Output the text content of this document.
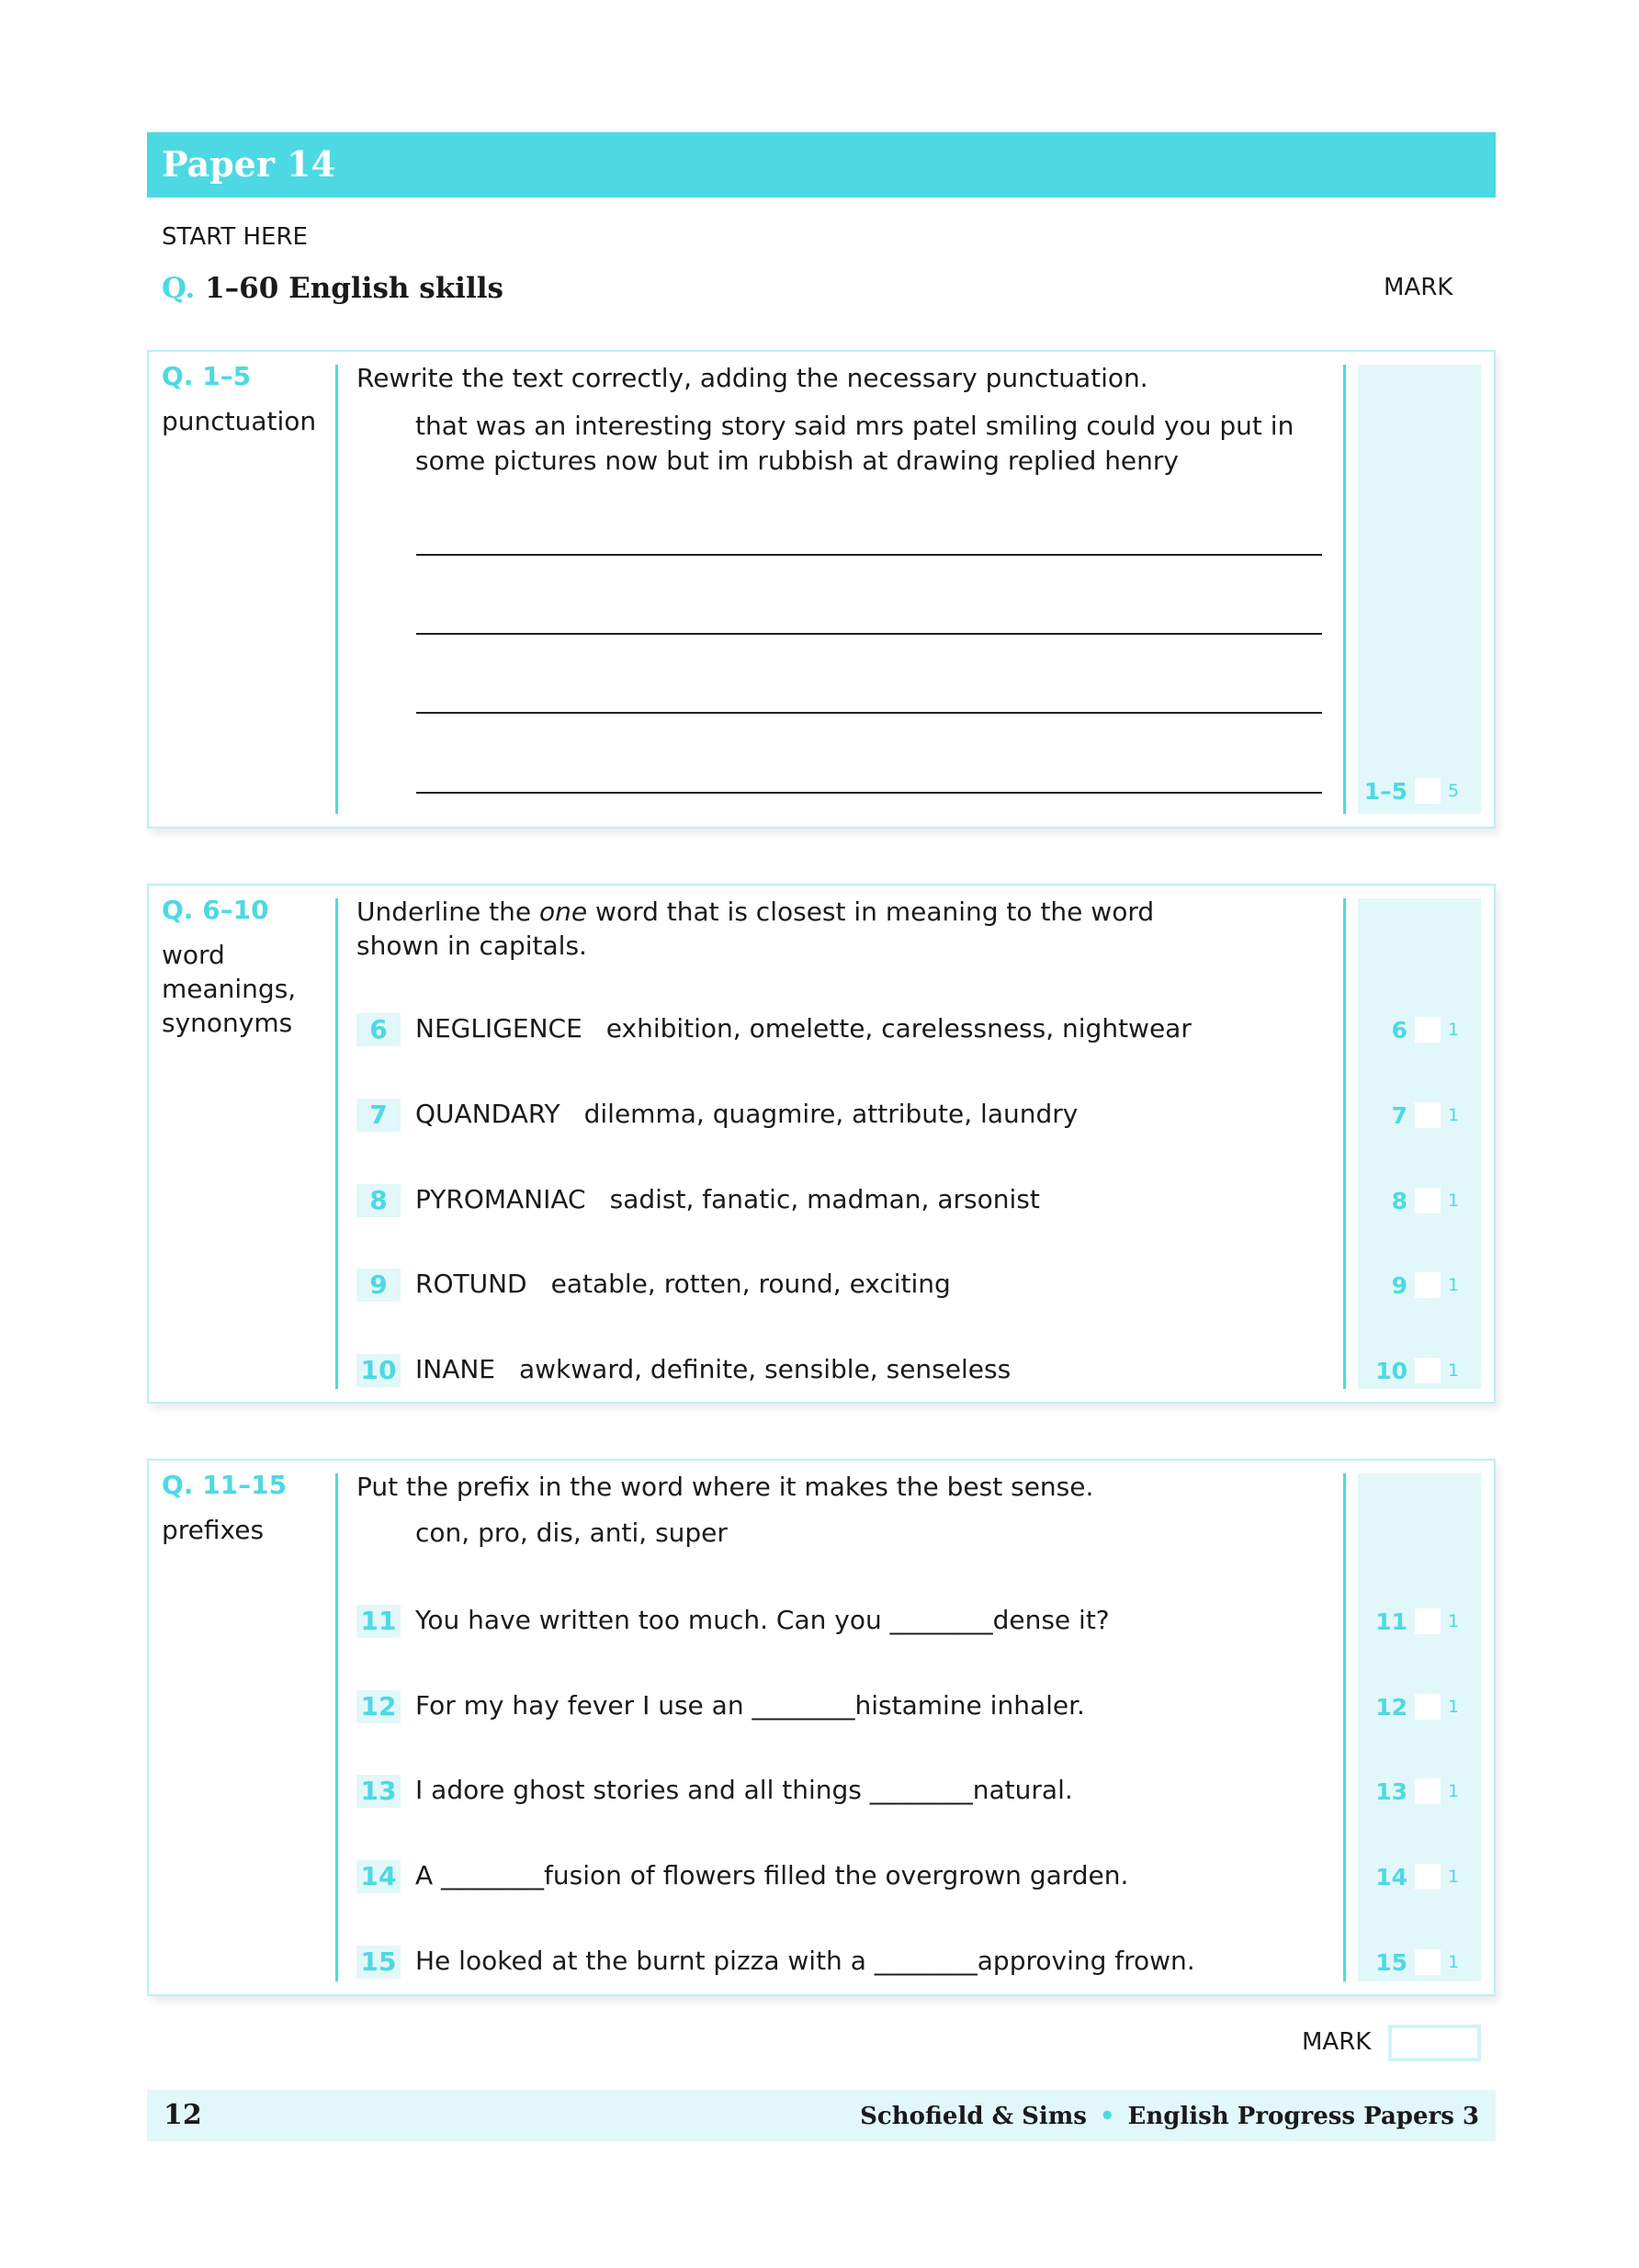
Paper 14
START HERE
Q. 1–60 English skills	MARK
Q. 1–5
punctuation
Rewrite the text correctly, adding the necessary punctuation.
that was an interesting story said mrs patel smiling could you put in some pictures now but im rubbish at drawing replied henry
1–5 5
Q. 6–10
word meanings, synonyms
Underline the one word that is closest in meaning to the word shown in capitals.
6 NEGLIGENCE exhibition, omelette, carelessness, nightwear
7 QUANDARY dilemma, quagmire, attribute, laundry
8 PYROMANIAC sadist, fanatic, madman, arsonist
9 ROTUND eatable, rotten, round, exciting
10 INANE awkward, definite, sensible, senseless
6 1
7 1
8 1
9 1
10 1
Q. 11–15
prefixes
Put the prefix in the word where it makes the best sense.
con, pro, dis, anti, super
11 You have written too much. Can you ________dense it?
12 For my hay fever I use an ________histamine inhaler.
13 I adore ghost stories and all things ________natural.
14 A ________fusion of flowers filled the overgrown garden.
15 He looked at the burnt pizza with a ________approving frown.
11 1
12 1
13 1
14 1
15 1
MARK
12	Schofield & Sims • English Progress Papers 3
